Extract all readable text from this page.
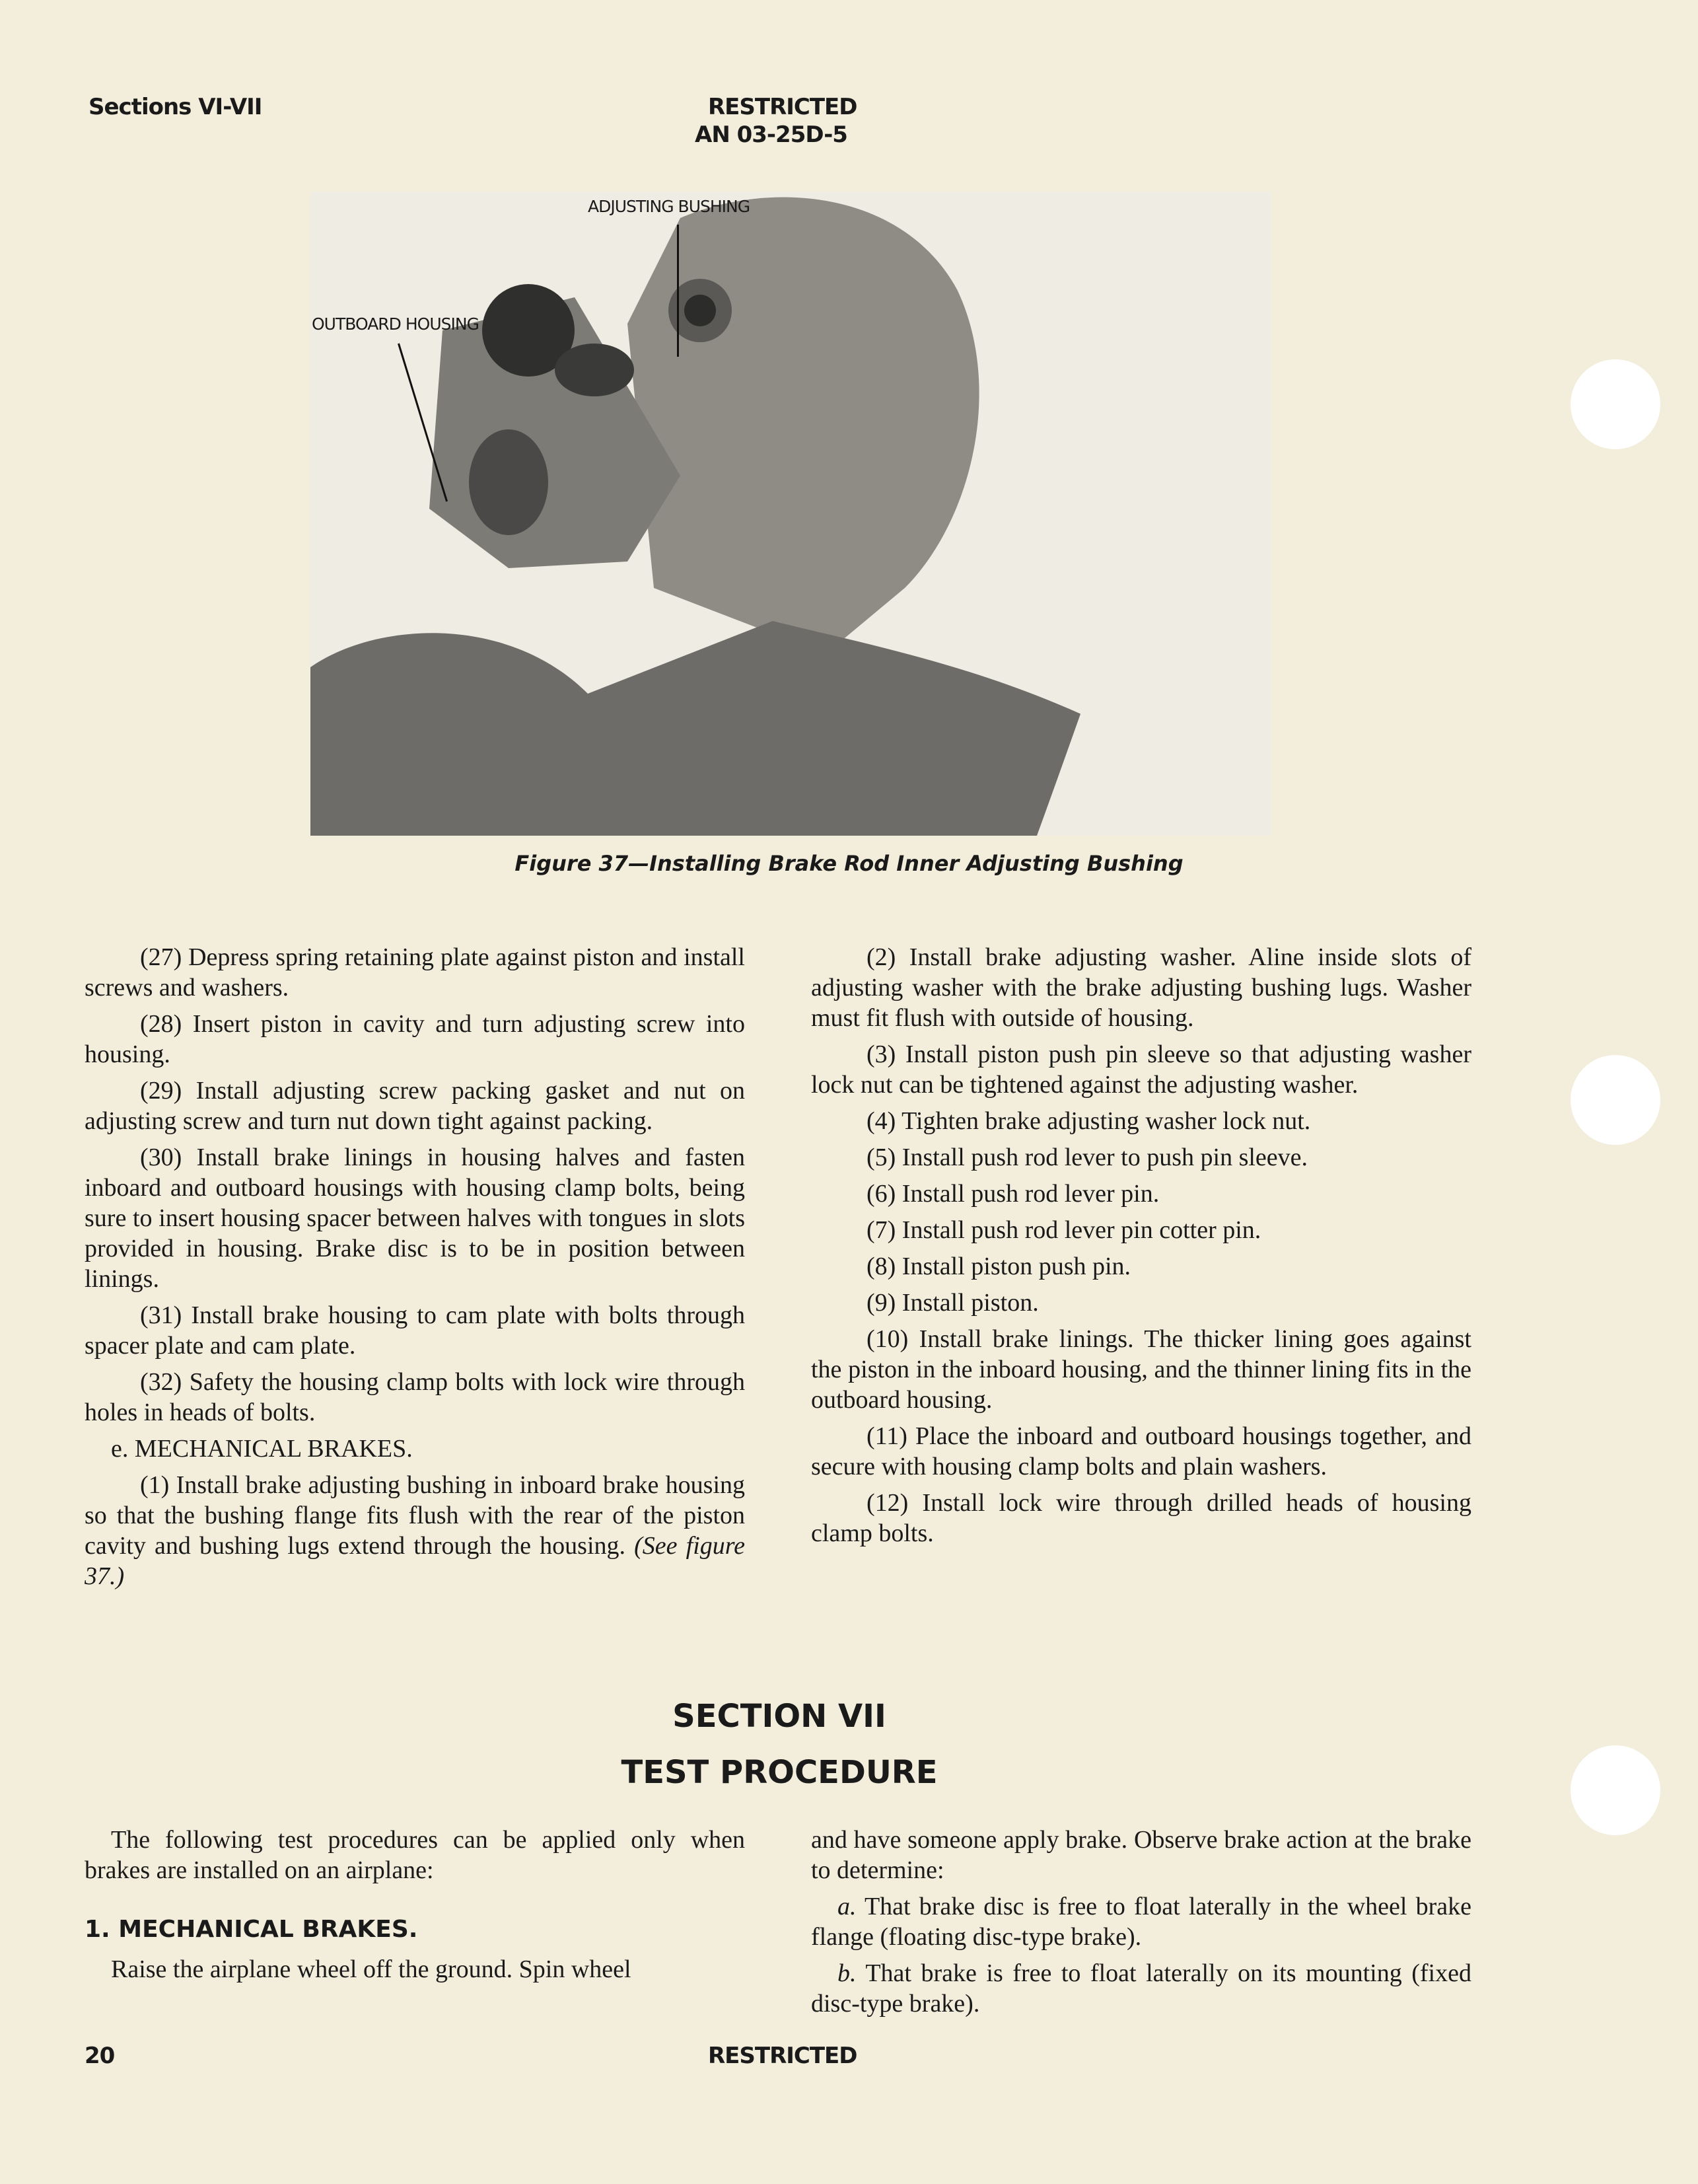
Sections VI-VII	RESTRICTED
AN 03-25D-5
ADJUSTING BUSHING
OUTBOARD HOUSING
Figure 37—Installing Brake Rod Inner Adjusting Bushing

(27) Depress spring retaining plate against piston and install screws and washers.

(28) Insert piston in cavity and turn adjusting screw into housing.

(29) Install adjusting screw packing gasket and nut on adjusting screw and turn nut down tight against packing.

(30) Install brake linings in housing halves and fasten inboard and outboard housings with housing clamp bolts, being sure to insert housing spacer between halves with tongues in slots provided in housing. Brake disc is to be in position between linings.

(31) Install brake housing to cam plate with bolts through spacer plate and cam plate.

(32) Safety the housing clamp bolts with lock wire through holes in heads of bolts.

e. MECHANICAL BRAKES.

(1) Install brake adjusting bushing in inboard brake housing so that the bushing flange fits flush with the rear of the piston cavity and bushing lugs extend through the housing. (See figure 37.)

(2) Install brake adjusting washer. Aline inside slots of adjusting washer with the brake adjusting bushing lugs. Washer must fit flush with outside of housing.

(3) Install piston push pin sleeve so that adjusting washer lock nut can be tightened against the adjusting washer.

(4) Tighten brake adjusting washer lock nut.

(5) Install push rod lever to push pin sleeve.

(6) Install push rod lever pin.

(7) Install push rod lever pin cotter pin.

(8) Install piston push pin.

(9) Install piston.

(10) Install brake linings. The thicker lining goes against the piston in the inboard housing, and the thinner lining fits in the outboard housing.

(11) Place the inboard and outboard housings together, and secure with housing clamp bolts and plain washers.

(12) Install lock wire through drilled heads of housing clamp bolts.

SECTION VII
TEST PROCEDURE

The following test procedures can be applied only when brakes are installed on an airplane:

1. MECHANICAL BRAKES.

Raise the airplane wheel off the ground. Spin wheel

and have someone apply brake. Observe brake action at the brake to determine:

a. That brake disc is free to float laterally in the wheel brake flange (floating disc-type brake).

b. That brake is free to float laterally on its mounting (fixed disc-type brake).

20	RESTRICTED
